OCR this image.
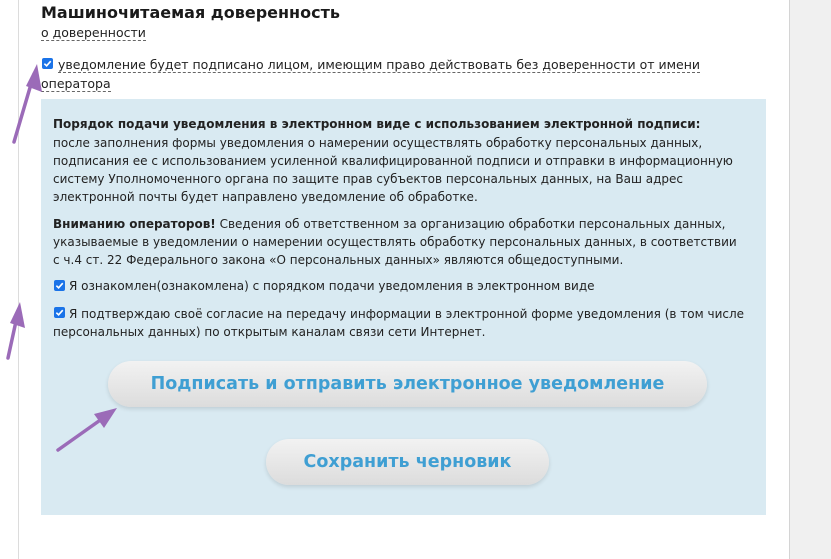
Машиночитаемая доверенность
о доверенности
уведомление будет подписано лицом, имеющим право действовать без доверенности от имени
оператора
Порядок подачи уведомления в электронном виде с использованием электронной подписи:
после заполнения формы уведомления о намерении осуществлять обработку персональных данных,
подписания ее с использованием усиленной квалифицированной подписи и отправки в информационную
систему Уполномоченного органа по защите прав субъектов персональных данных, на Ваш адрес
электронной почты будет направлено уведомление об обработке.
Вниманию операторов! Сведения об ответственном за организацию обработки персональных данных,
указываемые в уведомлении о намерении осуществлять обработку персональных данных, в соответствии
с ч.4 ст. 22 Федерального закона «О персональных данных» являются общедоступными.
Я ознакомлен(ознакомлена) с порядком подачи уведомления в электронном виде
Я подтверждаю своё согласие на передачу информации в электронной форме уведомления (в том числе
персональных данных) по открытым каналам связи сети Интернет.
Подписать и отправить электронное уведомление
Сохранить черновик
